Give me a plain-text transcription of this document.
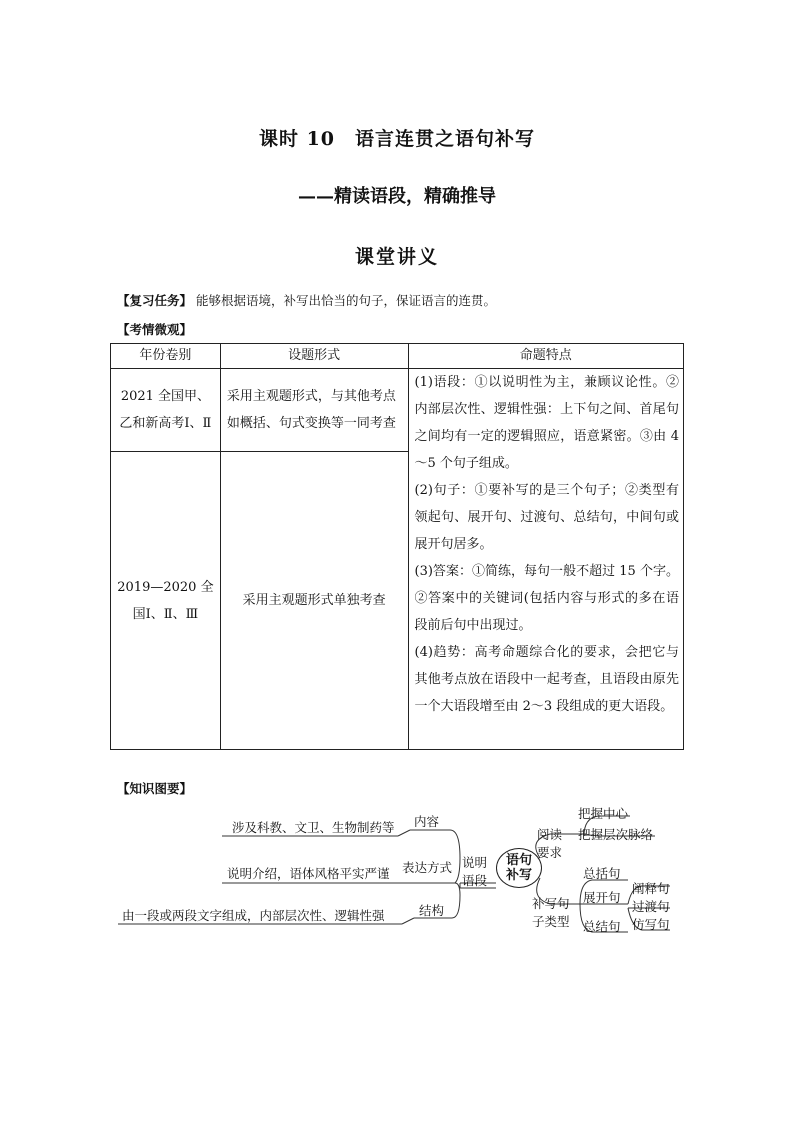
课时 10　语言连贯之语句补写
——精读语段，精确推导
课堂讲义
【复习任务】 能够根据语境，补写出恰当的句子，保证语言的连贯。
【考情微观】
年份卷别	设题形式	命题特点
2021 全国甲、乙和新高考Ⅰ、Ⅱ	采用主观题形式，与其他考点如概括、句式变换等一同考查	(1)语段：①以说明性为主，兼顾议论性。②内部层次性、逻辑性强：上下句之间、首尾句之间均有一定的逻辑照应，语意紧密。③由 4～5 个句子组成。

(2)句子：①要补写的是三个句子；②类型有领起句、展开句、过渡句、总结句，中间句或展开句居多。

(3)答案：①简练，每句一般不超过 15 个字。②答案中的关键词(包括内容与形式的多在语段前后句中出现过。

(4)趋势：高考命题综合化的要求，会把它与其他考点放在语段中一起考查，且语段由原先一个大语段增至由 2～3 段组成的更大语段。

2019—2020 全国Ⅰ、Ⅱ、Ⅲ	采用主观题形式单独考查	
【知识图要】
涉及科教、文卫、生物制药等 内容
说明介绍，语体风格平实严谨 表达方式
由一段或两段文字组成，内部层次性、逻辑性强	结构
说明语段
语句补写
阅读要求
把握中心
把握层次脉络
补写句子类型
总括句
展开句
总结句
阐释句
过渡句
仿写句
